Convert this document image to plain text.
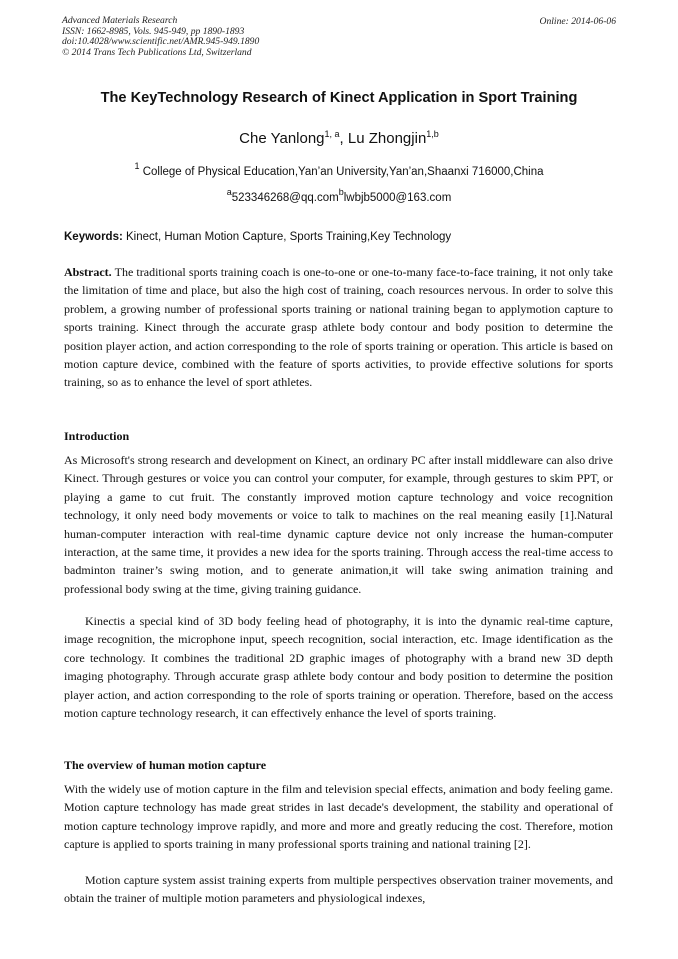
Advanced Materials Research
ISSN: 1662-8985, Vols. 945-949, pp 1890-1893
doi:10.4028/www.scientific.net/AMR.945-949.1890
© 2014 Trans Tech Publications Ltd, Switzerland
Online: 2014-06-06
The KeyTechnology Research of Kinect Application in Sport Training
Che Yanlong$^{1, a}$, Lu Zhongjin$^{1,b}$
$^1$ College of Physical Education,Yan’an University,Yan’an,Shaanxi 716000,China
$^a$523346268@qq.com$^b$lwbjb5000@163.com
Keywords: Kinect, Human Motion Capture, Sports Training,Key Technology
Abstract. The traditional sports training coach is one-to-one or one-to-many face-to-face training, it not only take the limitation of time and place, but also the high cost of training, coach resources nervous. In order to solve this problem, a growing number of professional sports training or national training began to applymotion capture to sports training. Kinect through the accurate grasp athlete body contour and body position to determine the position player action, and action corresponding to the role of sports training or operation. This article is based on motion capture device, combined with the feature of sports activities, to provide effective solutions for sports training, so as to enhance the level of sport athletes.
Introduction
As Microsoft's strong research and development on Kinect, an ordinary PC after install middleware can also drive Kinect. Through gestures or voice you can control your computer, for example, through gestures to skim PPT, or playing a game to cut fruit. The constantly improved motion capture technology and voice recognition technology, it only need body movements or voice to talk to machines on the real meaning easily [1].Natural human-computer interaction with real-time dynamic capture device not only increase the human-computer interaction, at the same time, it provides a new idea for the sports training. Through access the real-time access to badminton trainer’s swing motion, and to generate animation,it will take swing animation training and professional body swing at the time, giving training guidance.
Kinectis a special kind of 3D body feeling head of photography, it is into the dynamic real-time capture, image recognition, the microphone input, speech recognition, social interaction, etc. Image identification as the core technology. It combines the traditional 2D graphic images of photography with a brand new 3D depth imaging photography. Through accurate grasp athlete body contour and body position to determine the position player action, and action corresponding to the role of sports training or operation. Therefore, based on the access motion capture technology research, it can effectively enhance the level of sports training.
The overview of human motion capture
With the widely use of motion capture in the film and television special effects, animation and body feeling game. Motion capture technology has made great strides in last decade's development, the stability and operational of motion capture technology improve rapidly, and more and more and greatly reducing the cost. Therefore, motion capture is applied to sports training in many professional sports training and national training [2].
Motion capture system assist training experts from multiple perspectives observation trainer movements, and obtain the trainer of multiple motion parameters and physiological indexes,
